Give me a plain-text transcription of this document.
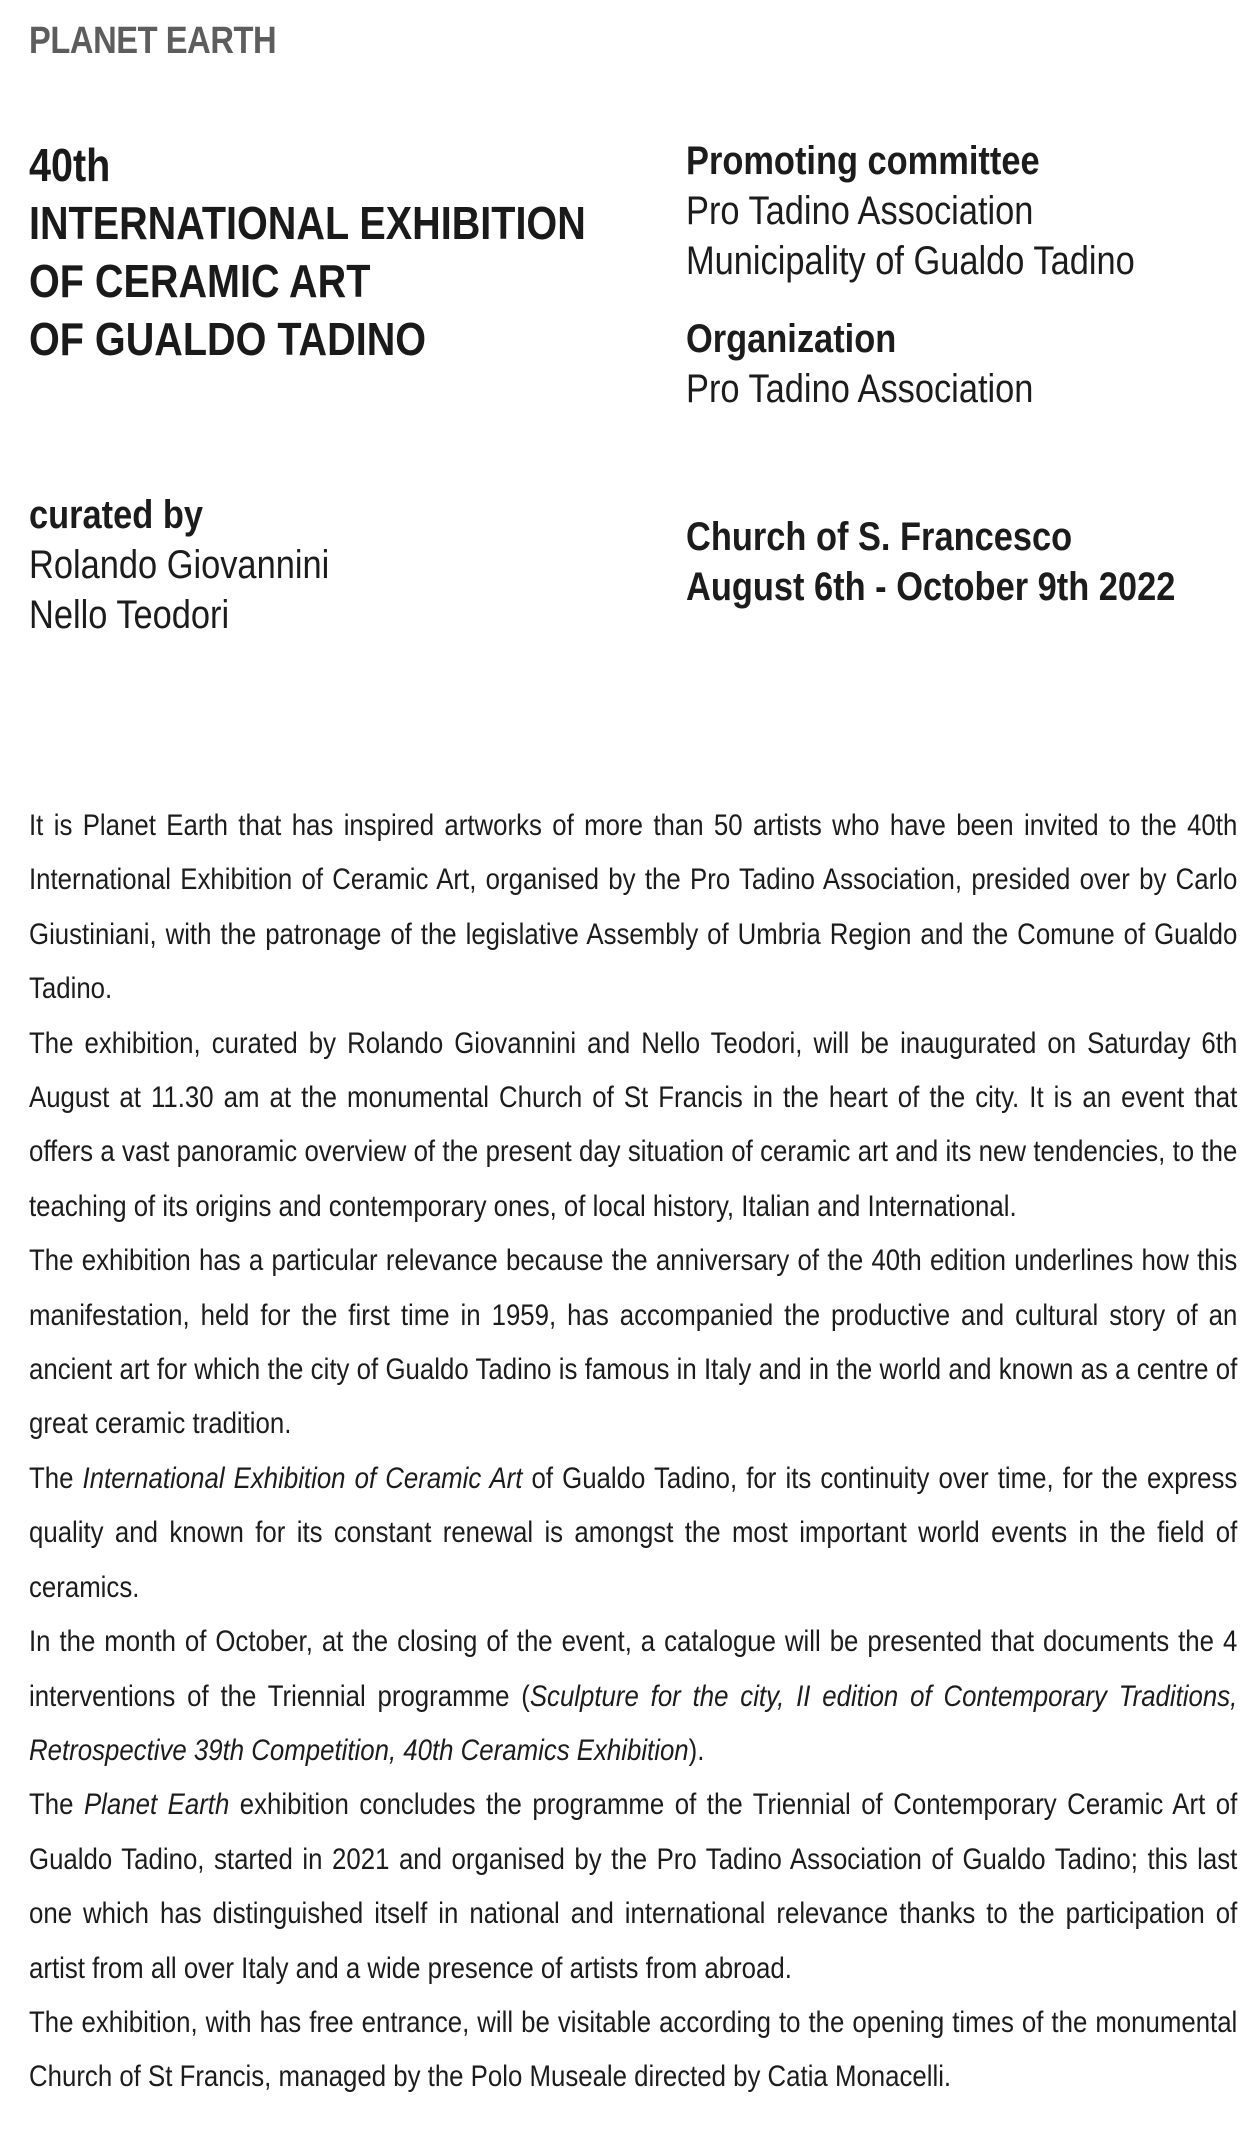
PLANET EARTH
40th
INTERNATIONAL EXHIBITION
OF CERAMIC ART
OF GUALDO TADINO
curated by
Rolando Giovannini
Nello Teodori
Promoting committee
Pro Tadino Association
Municipality of Gualdo Tadino
Organization
Pro Tadino Association
Church of S. Francesco
August 6th - October 9th 2022

It is Planet Earth that has inspired artworks of more than 50 artists who have been invited to the 40th International Exhibition of Ceramic Art, organised by the Pro Tadino Association, presided over by Carlo Giustiniani, with the patronage of the legislative Assembly of Umbria Region and the Comune of Gualdo Tadino.

The exhibition, curated by Rolando Giovannini and Nello Teodori, will be inaugurated on Saturday 6th August at 11.30 am at the monumental Church of St Francis in the heart of the city. It is an event that offers a vast panoramic overview of the present day situation of ceramic art and its new tendencies, to the teaching of its origins and contemporary ones, of local history, Italian and International.

The exhibition has a particular relevance because the anniversary of the 40th edition underlines how this manifestation, held for the first time in 1959, has accompanied the productive and cultural story of an ancient art for which the city of Gualdo Tadino is famous in Italy and in the world and known as a centre of great ceramic tradition.

The International Exhibition of Ceramic Art of Gualdo Tadino, for its continuity over time, for the express quality and known for its constant renewal is amongst the most important world events in the field of ceramics.

In the month of October, at the closing of the event, a catalogue will be presented that documents the 4 interventions of the Triennial programme (Sculpture for the city, II edition of Contemporary Traditions, Retrospective 39th Competition, 40th Ceramics Exhibition).

The Planet Earth exhibition concludes the programme of the Triennial of Contemporary Ceramic Art of Gualdo Tadino, started in 2021 and organised by the Pro Tadino Association of Gualdo Tadino; this last one which has distinguished itself in national and international relevance thanks to the participation of artist from all over Italy and a wide presence of artists from abroad.

The exhibition, with has free entrance, will be visitable according to the opening times of the monumental Church of St Francis, managed by the Polo Museale directed by Catia Monacelli.
